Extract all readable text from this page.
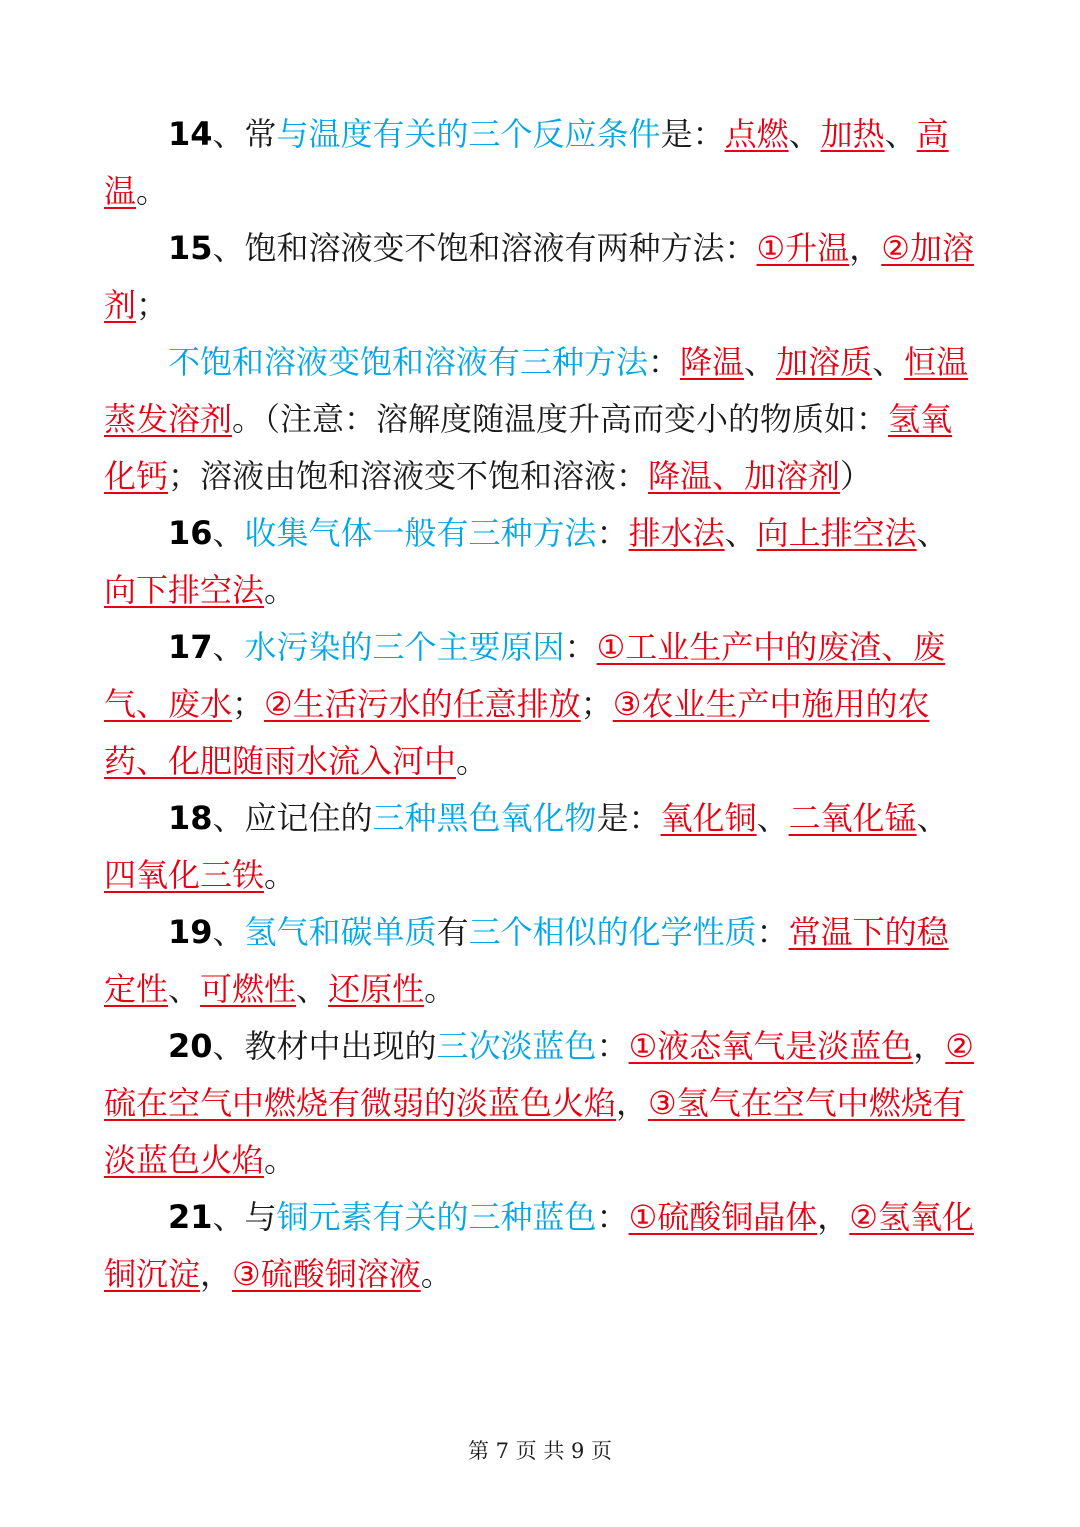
14、常与温度有关的三个反应条件是：点燃、加热、高温。

15、饱和溶液变不饱和溶液有两种方法：①升温，②加溶剂；

不饱和溶液变饱和溶液有三种方法：降温、加溶质、恒温蒸发溶剂。（注意：溶解度随温度升高而变小的物质如：氢氧化钙；溶液由饱和溶液变不饱和溶液：降温、加溶剂）

16、收集气体一般有三种方法：排水法、向上排空法、向下排空法。

17、水污染的三个主要原因：①工业生产中的废渣、废气、废水；②生活污水的任意排放；③农业生产中施用的农药、化肥随雨水流入河中。

18、应记住的三种黑色氧化物是：氧化铜、二氧化锰、四氧化三铁。

19、氢气和碳单质有三个相似的化学性质：常温下的稳定性、可燃性、还原性。

20、教材中出现的三次淡蓝色：①液态氧气是淡蓝色，②硫在空气中燃烧有微弱的淡蓝色火焰，③氢气在空气中燃烧有淡蓝色火焰。

21、与铜元素有关的三种蓝色：①硫酸铜晶体，②氢氧化铜沉淀，③硫酸铜溶液。

第 7 页 共 9 页
